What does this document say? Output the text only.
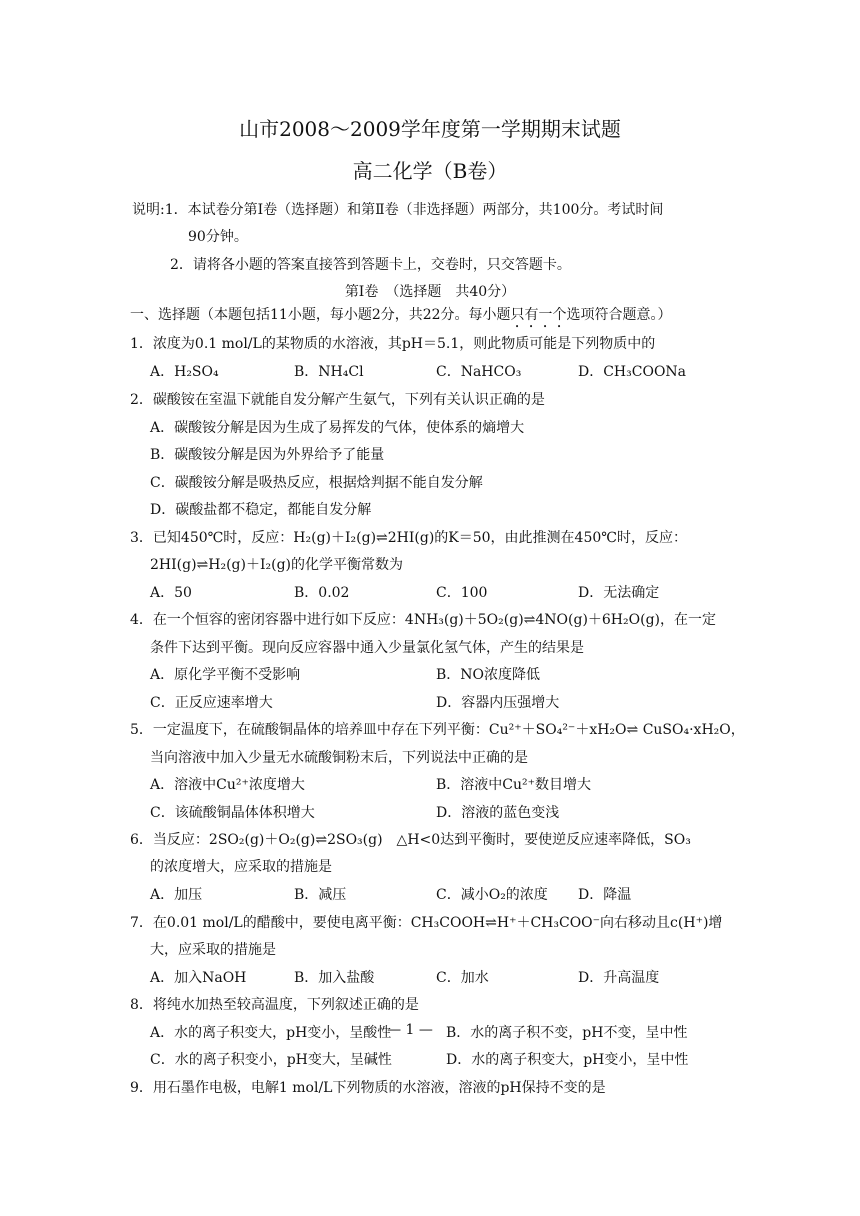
山市2008～2009学年度第一学期期末试题
高二化学（B卷）
说明:1．本试卷分第Ⅰ卷（选择题）和第Ⅱ卷（非选择题）两部分，共100分。考试时间
90分钟。
2．请将各小题的答案直接答到答题卡上，交卷时，只交答题卡。
第Ⅰ卷　（选择题　共40分）
一、选择题（本题包括11小题，每小题2分，共22分。每小题只有一个选项符合题意。）
1．浓度为0.1 mol/L的某物质的水溶液，其pH＝5.1，则此物质可能是下列物质中的
A．H₂SO₄	B．NH₄Cl	C．NaHCO₃	D．CH₃COONa
2．碳酸铵在室温下就能自发分解产生氨气，下列有关认识正确的是
A．碳酸铵分解是因为生成了易挥发的气体，使体系的熵增大
B．碳酸铵分解是因为外界给予了能量
C．碳酸铵分解是吸热反应，根据焓判据不能自发分解
D．碳酸盐都不稳定，都能自发分解
3．已知450℃时，反应：H₂(g)＋I₂(g)⇌2HI(g)的K＝50，由此推测在450℃时，反应：
2HI(g)⇌H₂(g)＋I₂(g)的化学平衡常数为
A．50	B．0.02	C．100	D．无法确定
4．在一个恒容的密闭容器中进行如下反应：4NH₃(g)＋5O₂(g)⇌4NO(g)＋6H₂O(g)，在一定
条件下达到平衡。现向反应容器中通入少量氯化氢气体，产生的结果是
A．原化学平衡不受影响	B．NO浓度降低
C．正反应速率增大	D．容器内压强增大
5．一定温度下，在硫酸铜晶体的培养皿中存在下列平衡：Cu²⁺＋SO₄²⁻＋xH₂O⇌ CuSO₄·xH₂O，
当向溶液中加入少量无水硫酸铜粉末后，下列说法中正确的是
A．溶液中Cu²⁺浓度增大	B．溶液中Cu²⁺数目增大
C．该硫酸铜晶体体积增大	D．溶液的蓝色变浅
6．当反应：2SO₂(g)＋O₂(g)⇌2SO₃(g)　△H<0达到平衡时，要使逆反应速率降低，SO₃
的浓度增大，应采取的措施是
A．加压	B．减压	C．减小O₂的浓度 D．降温
7．在0.01 mol/L的醋酸中，要使电离平衡：CH₃COOH⇌H⁺＋CH₃COO⁻向右移动且c(H⁺)增
大，应采取的措施是
A．加入NaOH	B．加入盐酸	C．加水	D．升高温度
8．将纯水加热至较高温度，下列叙述正确的是
A．水的离子积变大，pH变小，呈酸性	B．水的离子积不变，pH不变，呈中性
C．水的离子积变小，pH变大，呈碱性	D．水的离子积变大，pH变小，呈中性
9．用石墨作电极，电解1 mol/L下列物质的水溶液，溶液的pH保持不变的是
— 1 —
